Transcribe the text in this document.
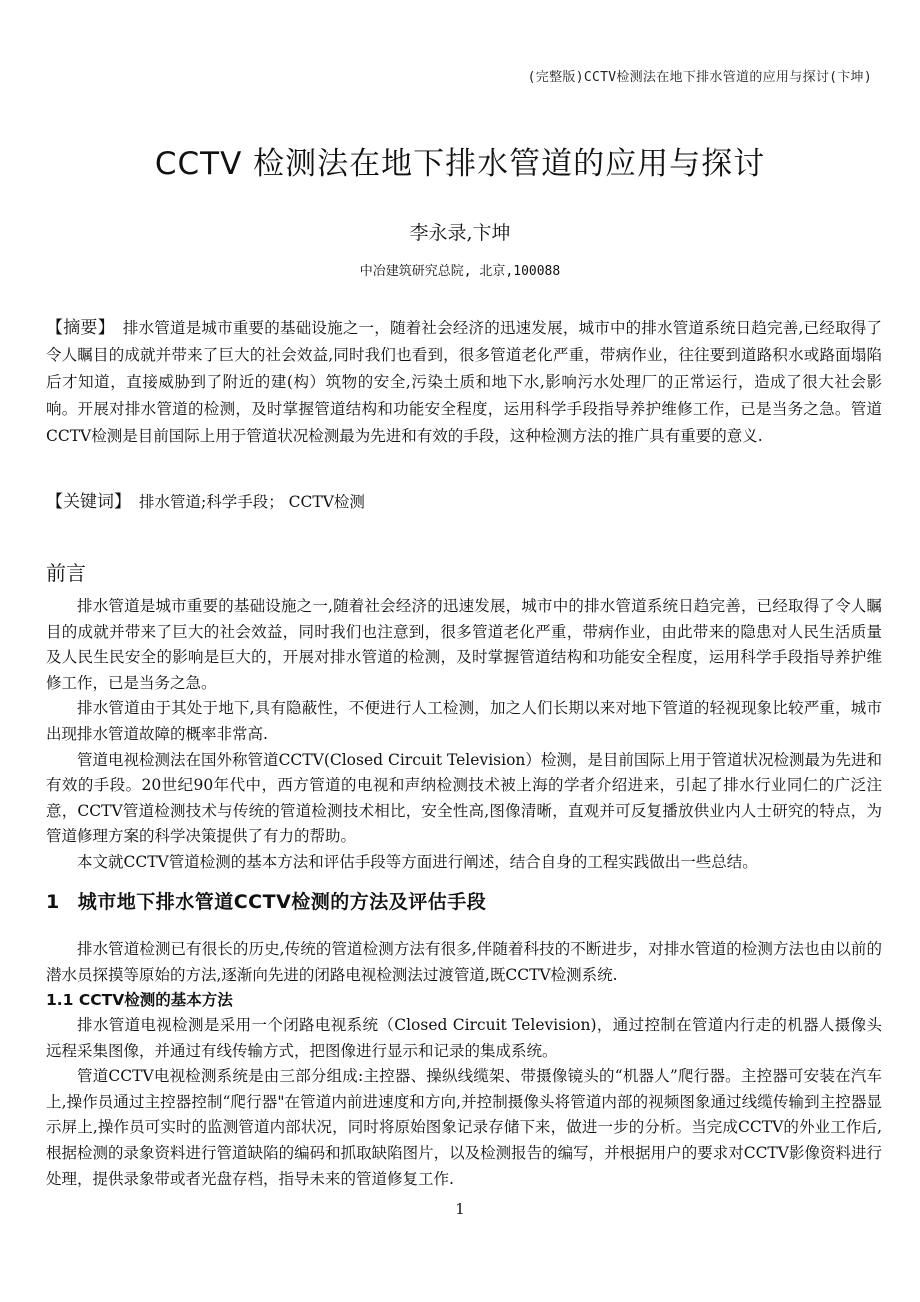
(完整版)CCTV检测法在地下排水管道的应用与探讨(卞坤)
CCTV 检测法在地下排水管道的应用与探讨
李永录,卞坤
中冶建筑研究总院, 北京,100088
【摘要】 排水管道是城市重要的基础设施之一，随着社会经济的迅速发展，城市中的排水管道系统日趋完善,已经取得了令人瞩目的成就并带来了巨大的社会效益,同时我们也看到，很多管道老化严重，带病作业，往往要到道路积水或路面塌陷后才知道，直接威胁到了附近的建(构）筑物的安全,污染土质和地下水,影响污水处理厂的正常运行，造成了很大社会影响。开展对排水管道的检测，及时掌握管道结构和功能安全程度，运用科学手段指导养护维修工作，已是当务之急。管道CCTV检测是目前国际上用于管道状况检测最为先进和有效的手段，这种检测方法的推广具有重要的意义.
【关键词】 排水管道;科学手段； CCTV检测
前言

排水管道是城市重要的基础设施之一,随着社会经济的迅速发展，城市中的排水管道系统日趋完善，已经取得了令人瞩目的成就并带来了巨大的社会效益，同时我们也注意到，很多管道老化严重，带病作业，由此带来的隐患对人民生活质量及人民生民安全的影响是巨大的，开展对排水管道的检测，及时掌握管道结构和功能安全程度，运用科学手段指导养护维修工作，已是当务之急。

排水管道由于其处于地下,具有隐蔽性，不便进行人工检测，加之人们长期以来对地下管道的轻视现象比较严重，城市出现排水管道故障的概率非常高.

管道电视检测法在国外称管道CCTV(Closed Circuit Television）检测，是目前国际上用于管道状况检测最为先进和有效的手段。20世纪90年代中，西方管道的电视和声纳检测技术被上海的学者介绍进来，引起了排水行业同仁的广泛注意，CCTV管道检测技术与传统的管道检测技术相比，安全性高,图像清晰，直观并可反复播放供业内人士研究的特点，为管道修理方案的科学决策提供了有力的帮助。

本文就CCTV管道检测的基本方法和评估手段等方面进行阐述，结合自身的工程实践做出一些总结。

1 城市地下排水管道CCTV检测的方法及评估手段

排水管道检测已有很长的历史,传统的管道检测方法有很多,伴随着科技的不断进步，对排水管道的检测方法也由以前的潜水员探摸等原始的方法,逐渐向先进的闭路电视检测法过渡管道,既CCTV检测系统.

1.1 CCTV检测的基本方法

排水管道电视检测是采用一个闭路电视系统（Closed Circuit Television)，通过控制在管道内行走的机器人摄像头远程采集图像，并通过有线传输方式，把图像进行显示和记录的集成系统。

管道CCTV电视检测系统是由三部分组成:主控器、操纵线缆架、带摄像镜头的“机器人”爬行器。主控器可安装在汽车上,操作员通过主控器控制“爬行器"在管道内前进速度和方向,并控制摄像头将管道内部的视频图象通过线缆传输到主控器显示屏上,操作员可实时的监测管道内部状况，同时将原始图象记录存储下来，做进一步的分析。当完成CCTV的外业工作后,根据检测的录象资料进行管道缺陷的编码和抓取缺陷图片，以及检测报告的编写，并根据用户的要求对CCTV影像资料进行处理，提供录象带或者光盘存档，指导未来的管道修复工作.

1
